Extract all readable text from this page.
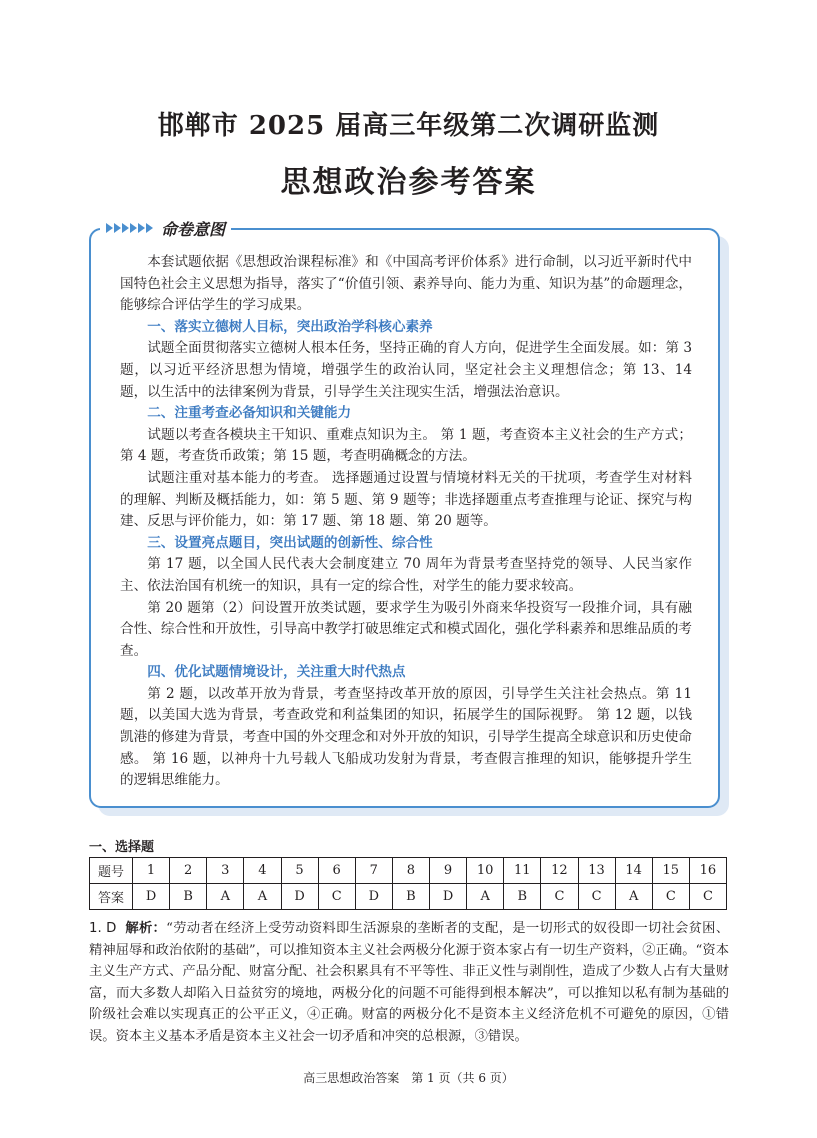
邯郸市 2025 届高三年级第二次调研监测
思想政治参考答案
命卷意图

本套试题依据《思想政治课程标准》和《中国高考评价体系》进行命制，以习近平新时代中国特色社会主义思想为指导，落实了“价值引领、素养导向、能力为重、知识为基”的命题理念，能够综合评估学生的学习成果。

一、落实立德树人目标，突出政治学科核心素养

试题全面贯彻落实立德树人根本任务，坚持正确的育人方向，促进学生全面发展。如：第 3 题，以习近平经济思想为情境，增强学生的政治认同，坚定社会主义理想信念；第 13、14 题，以生活中的法律案例为背景，引导学生关注现实生活，增强法治意识。

二、注重考查必备知识和关键能力

试题以考查各模块主干知识、重难点知识为主。 第 1 题，考查资本主义社会的生产方式；第 4 题，考查货币政策；第 15 题，考查明确概念的方法。

试题注重对基本能力的考查。 选择题通过设置与情境材料无关的干扰项，考查学生对材料的理解、判断及概括能力，如：第 5 题、第 9 题等；非选择题重点考查推理与论证、探究与构建、反思与评价能力，如：第 17 题、第 18 题、第 20 题等。

三、设置亮点题目，突出试题的创新性、综合性

第 17 题，以全国人民代表大会制度建立 70 周年为背景考查坚持党的领导、人民当家作主、依法治国有机统一的知识，具有一定的综合性，对学生的能力要求较高。

第 20 题第（2）问设置开放类试题，要求学生为吸引外商来华投资写一段推介词，具有融合性、综合性和开放性，引导高中教学打破思维定式和模式固化，强化学科素养和思维品质的考查。

四、优化试题情境设计，关注重大时代热点

第 2 题，以改革开放为背景，考查坚持改革开放的原因，引导学生关注社会热点。第 11 题，以美国大选为背景，考查政党和利益集团的知识，拓展学生的国际视野。 第 12 题，以钱凯港的修建为背景，考查中国的外交理念和对外开放的知识，引导学生提高全球意识和历史使命感。 第 16 题，以神舟十九号载人飞船成功发射为背景，考查假言推理的知识，能够提升学生的逻辑思维能力。

一、选择题
题号	1	2	3	4	5	6	7	8	9	10	11	12	13	14	15	16
答案	D	B	A	A	D	C	D	B	D	A	B	C	C	A	C	C
1. D 解析：“劳动者在经济上受劳动资料即生活源泉的垄断者的支配，是一切形式的奴役即一切社会贫困、精神屈辱和政治依附的基础”，可以推知资本主义社会两极分化源于资本家占有一切生产资料，②正确。“资本主义生产方式、产品分配、财富分配、社会积累具有不平等性、非正义性与剥削性，造成了少数人占有大量财富，而大多数人却陷入日益贫穷的境地，两极分化的问题不可能得到根本解决”，可以推知以私有制为基础的阶级社会难以实现真正的公平正义，④正确。财富的两极分化不是资本主义经济危机不可避免的原因，①错误。资本主义基本矛盾是资本主义社会一切矛盾和冲突的总根源，③错误。
高三思想政治答案　第 1 页（共 6 页）
